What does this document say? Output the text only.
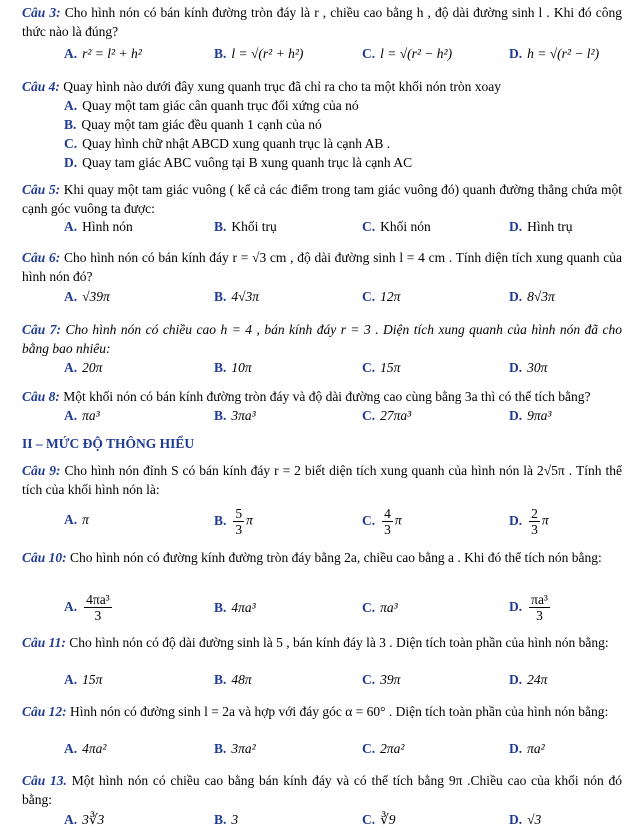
Câu 3: Cho hình nón có bán kính đường tròn đáy là r , chiều cao bằng h , độ dài đường sinh l . Khi đó công thức nào là đúng?
A. r² = l² + h²	B. l = √(r² + h²)	C. l = √(r² − h²)	D. h = √(r² − l²)
Câu 4: Quay hình nào dưới đây xung quanh trục đã chỉ ra cho ta một khối nón tròn xoay
A. Quay một tam giác cân quanh trục đối xứng của nó
B. Quay một tam giác đều quanh 1 cạnh của nó
C. Quay hình chữ nhật ABCD xung quanh trục là cạnh AB .
D. Quay tam giác ABC vuông tại B xung quanh trục là cạnh AC
Câu 5: Khi quay một tam giác vuông ( kể cả các điểm trong tam giác vuông đó) quanh đường thẳng chứa một cạnh góc vuông ta được:
A. Hình nón	B. Khối trụ	C. Khối nón	D. Hình trụ
Câu 6: Cho hình nón có bán kính đáy r = √3 cm , độ dài đường sinh l = 4 cm . Tính diện tích xung quanh của hình nón đó?
A. √39π	B. 4√3π	C. 12π	D. 8√3π
Câu 7: Cho hình nón có chiều cao h = 4 , bán kính đáy r = 3 . Diện tích xung quanh của hình nón đã cho bằng bao nhiêu:
A. 20π	B. 10π	C. 15π	D. 30π
Câu 8: Một khối nón có bán kính đường tròn đáy và độ dài đường cao cùng bằng 3a thì có thể tích bằng?
A. πa³	B. 3πa³	C. 27πa³	D. 9πa³
II – MỨC ĐỘ THÔNG HIỂU
Câu 9: Cho hình nón đỉnh S có bán kính đáy r = 2 biết diện tích xung quanh của hình nón là 2√5π . Tính thể tích của khối hình nón là:
A. π	B. $\frac{5}{3}$ π	C. $\frac{4}{3}$ π	D. $\frac{2}{3}$ π
Câu 10: Cho hình nón có đường kính đường tròn đáy bằng 2a, chiều cao bằng a . Khi đó thể tích nón bằng:
A. $\frac{\text{4πa³}}{3}$	B. 4πa³	C. πa³	D. $\frac{\text{πa³}}{3}$
Câu 11: Cho hình nón có độ dài đường sinh là 5 , bán kính đáy là 3 . Diện tích toàn phần của hình nón bằng:
A. 15π	B. 48π	C. 39π	D. 24π
Câu 12: Hình nón có đường sinh l = 2a và hợp với đáy góc α = 60° . Diện tích toàn phần của hình nón bằng:
A. 4πa²	B. 3πa²	C. 2πa²	D. πa²
Câu 13. Một hình nón có chiều cao bằng bán kính đáy và có thể tích bằng 9π .Chiều cao của khối nón đó bằng:
A. 3∛3	B. 3	C. ∛9	D. √3
